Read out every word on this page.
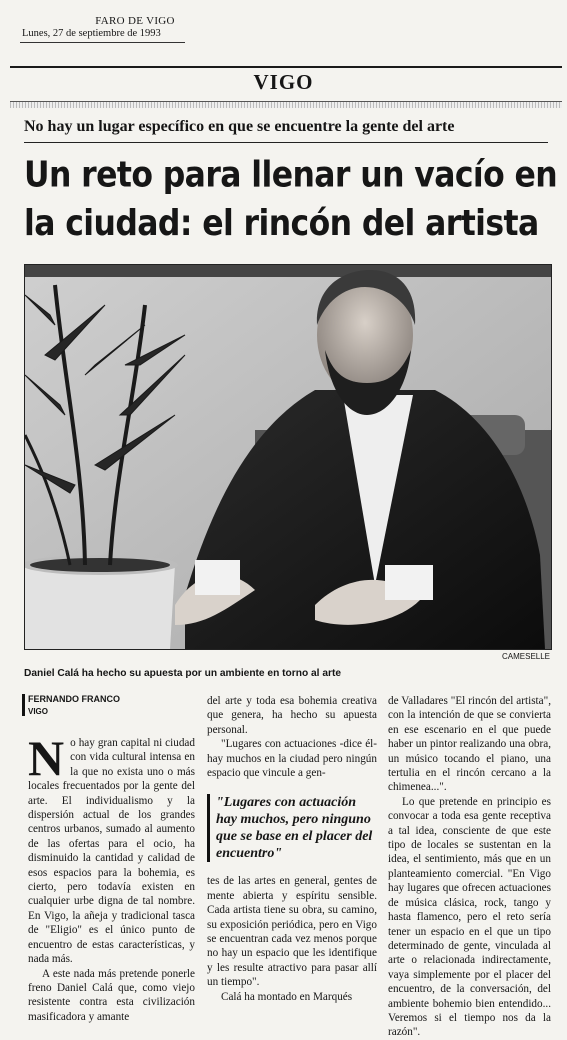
FARO DE VIGO
Lunes, 27 de septiembre de 1993
VIGO
No hay un lugar específico en que se encuentre la gente del arte
Un reto para llenar un vacío en
la ciudad: el rincón del artista
CAMESELLE
Daniel Calá ha hecho su apuesta por un ambiente en torno al arte
FERNANDO FRANCO
VIGO

No hay gran capital ni ciudad con vida cultural intensa en la que no exista uno o más locales frecuentados por la gente del arte. El individualismo y la dispersión actual de los grandes centros urbanos, sumado al aumento de las ofertas para el ocio, ha disminuido la cantidad y calidad de esos espacios para la bohemia, es cierto, pero todavía existen en cualquier urbe digna de tal nombre. En Vigo, la añeja y tradicional tasca de "Eligio" es el único punto de encuentro de estas características, y nada más.

A este nada más pretende ponerle freno Daniel Calá que, como viejo resistente contra esta civilización masificadora y amante

del arte y toda esa bohemia creativa que genera, ha hecho su apuesta personal.

"Lugares con actuaciones -dice él- hay muchos en la ciudad pero ningún espacio que vincule a gen-

"Lugares con actuación hay muchos, pero ninguno que se base en el placer del encuentro"

tes de las artes en general, gentes de mente abierta y espíritu sensible. Cada artista tiene su obra, su camino, su exposición periódica, pero en Vigo se encuentran cada vez menos porque no hay un espacio que les identifique y les resulte atractivo para pasar allí un tiempo".

Calá ha montado en Marqués

de Valladares "El rincón del artista", con la intención de que se convierta en ese escenario en el que puede haber un pintor realizando una obra, un músico tocando el piano, una tertulia en el rincón cercano a la chimenea...".

Lo que pretende en principio es convocar a toda esa gente receptiva a tal idea, consciente de que este tipo de locales se sustentan en la idea, el sentimiento, más que en un planteamiento comercial. "En Vigo hay lugares que ofrecen actuaciones de música clásica, rock, tango y hasta flamenco, pero el reto sería tener un espacio en el que un tipo determinado de gente, vinculada al arte o relacionada indirectamente, vaya simplemente por el placer del encuentro, de la conversación, del ambiente bohemio bien entendido... Veremos si el tiempo nos da la razón".
